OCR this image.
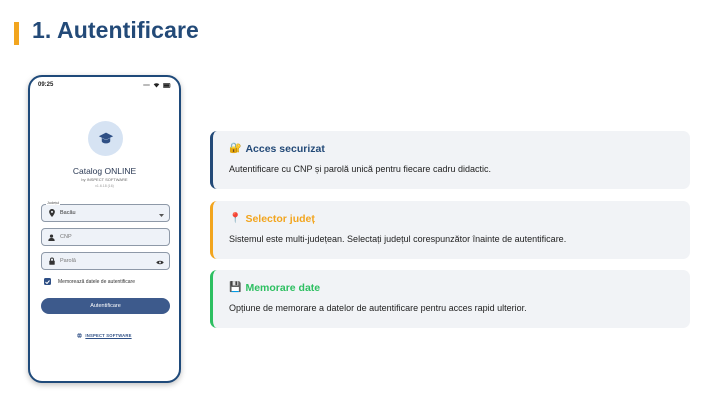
1. Autentificare
09:25
Catalog ONLINE
by INSPECT SOFTWARE
v1.6.18 (16)
Bacău
Județul
CNP
Parolă
Memorează datele de autentificare
Autentificare
INSPECT SOFTWARE
🔐 Acces securizat
Autentificare cu CNP și parolă unică pentru fiecare cadru didactic.
📍 Selector județ
Sistemul este multi-județean. Selectați județul corespunzător înainte de autentificare.
💾 Memorare date
Opțiune de memorare a datelor de autentificare pentru acces rapid ulterior.
